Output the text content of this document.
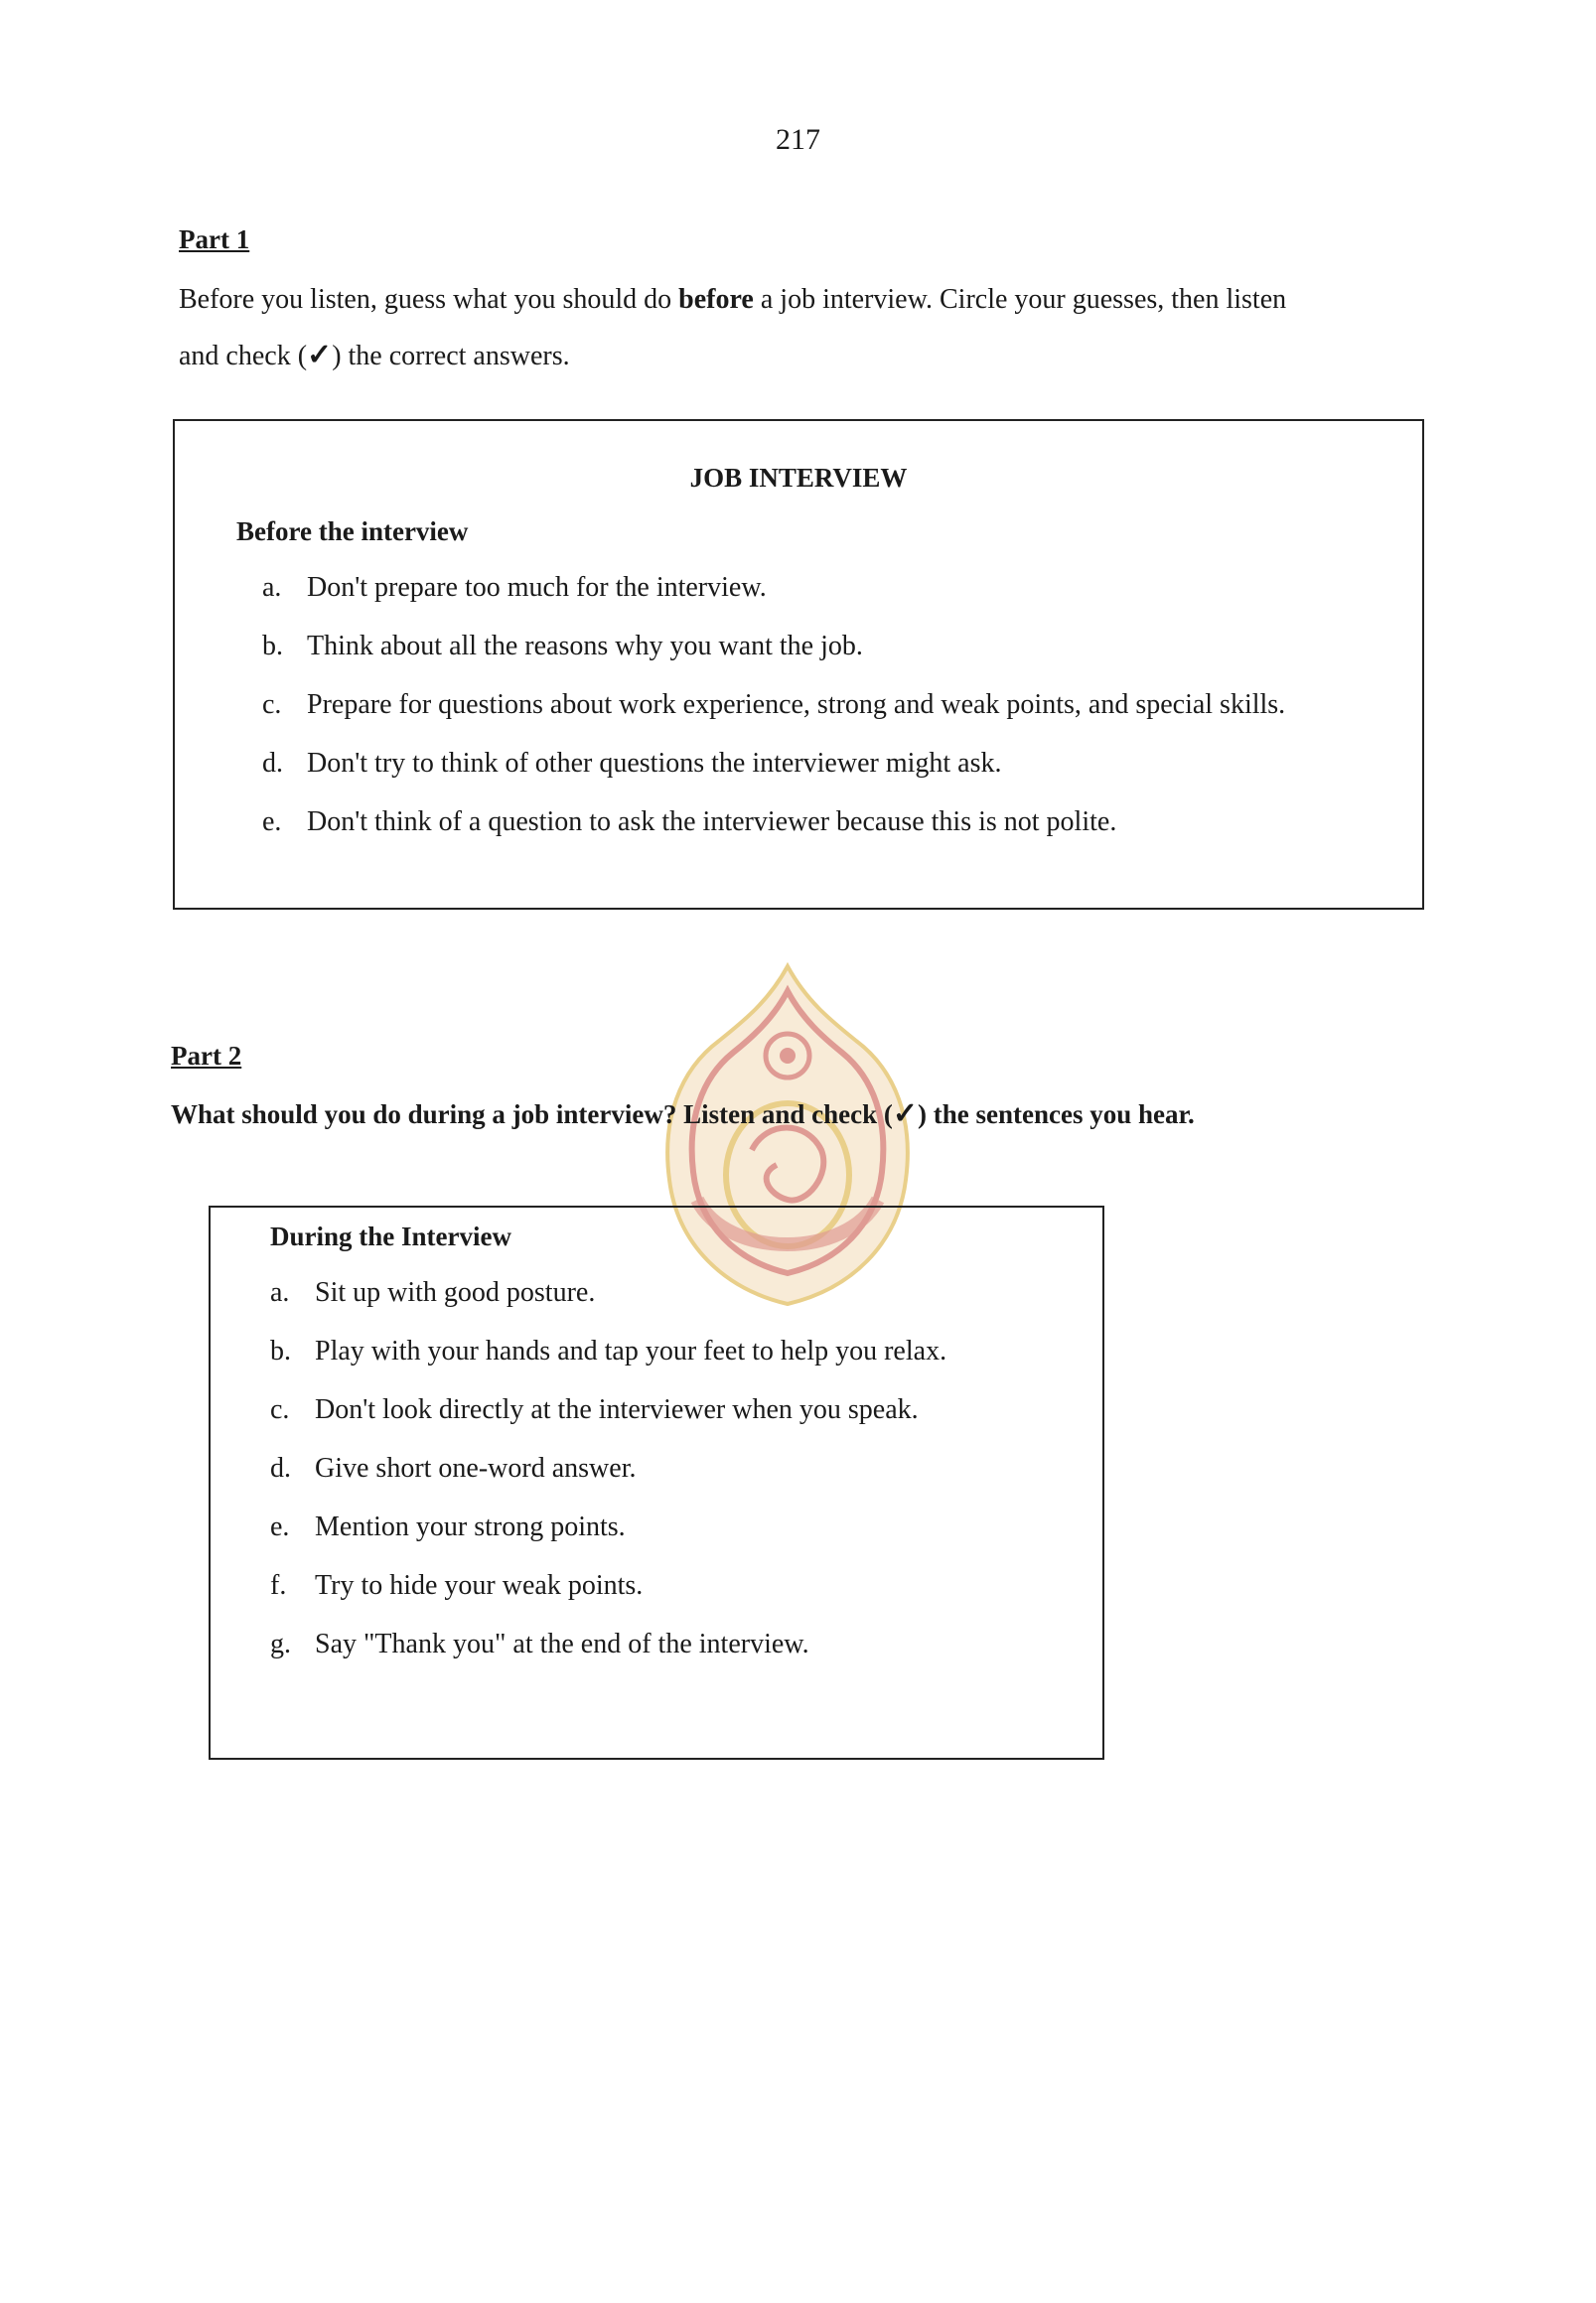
217
Part 1
Before you listen, guess what you should do before a job interview. Circle your guesses, then listen
and check (✓) the correct answers.
JOB INTERVIEW
Before the interview
a. Don't prepare too much for the interview.
b. Think about all the reasons why you want the job.
c. Prepare for questions about work experience, strong and weak points, and special skills.
d. Don't try to think of other questions the interviewer might ask.
e. Don't think of a question to ask the interviewer because this is not polite.
Part 2
What should you do during a job interview? Listen and check (✓) the sentences you hear.
During the Interview
a. Sit up with good posture.
b. Play with your hands and tap your feet to help you relax.
c. Don't look directly at the interviewer when you speak.
d. Give short one-word answer.
e. Mention your strong points.
f.	Try to hide your weak points.
g. Say "Thank you" at the end of the interview.
